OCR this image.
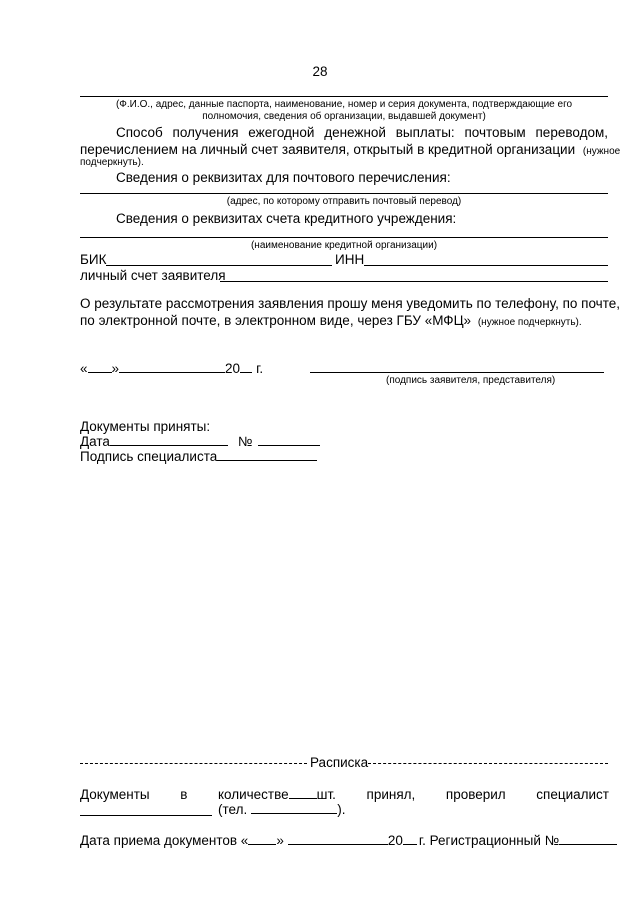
28
(Ф.И.О., адрес, данные паспорта, наименование, номер и серия документа, подтверждающие его
полномочия, сведения об организации, выдавшей документ)
Способ получения ежегодной денежной выплаты: почтовым переводом,
перечислением на личный счет заявителя, открытый в кредитной организации (нужное
подчеркнуть).
Сведения о реквизитах для почтового перечисления:
(адрес, по которому отправить почтовый перевод)
Сведения о реквизитах счета кредитного учреждения:
(наименование кредитной организации)
БИК	ИНН
личный счет заявителя
О результате рассмотрения заявления прошу меня уведомить по телефону, по почте,
по электронной почте, в электронном виде, через ГБУ «МФЦ» (нужное подчеркнуть).
« »	20 г.
(подпись заявителя, представителя)
Документы приняты:
Дата	№
Подпись специалиста
Расписка
Документы в количестве шт. принял, проверил специалист
(тел.	).
Дата приема документов « »	20 г. Регистрационный №
